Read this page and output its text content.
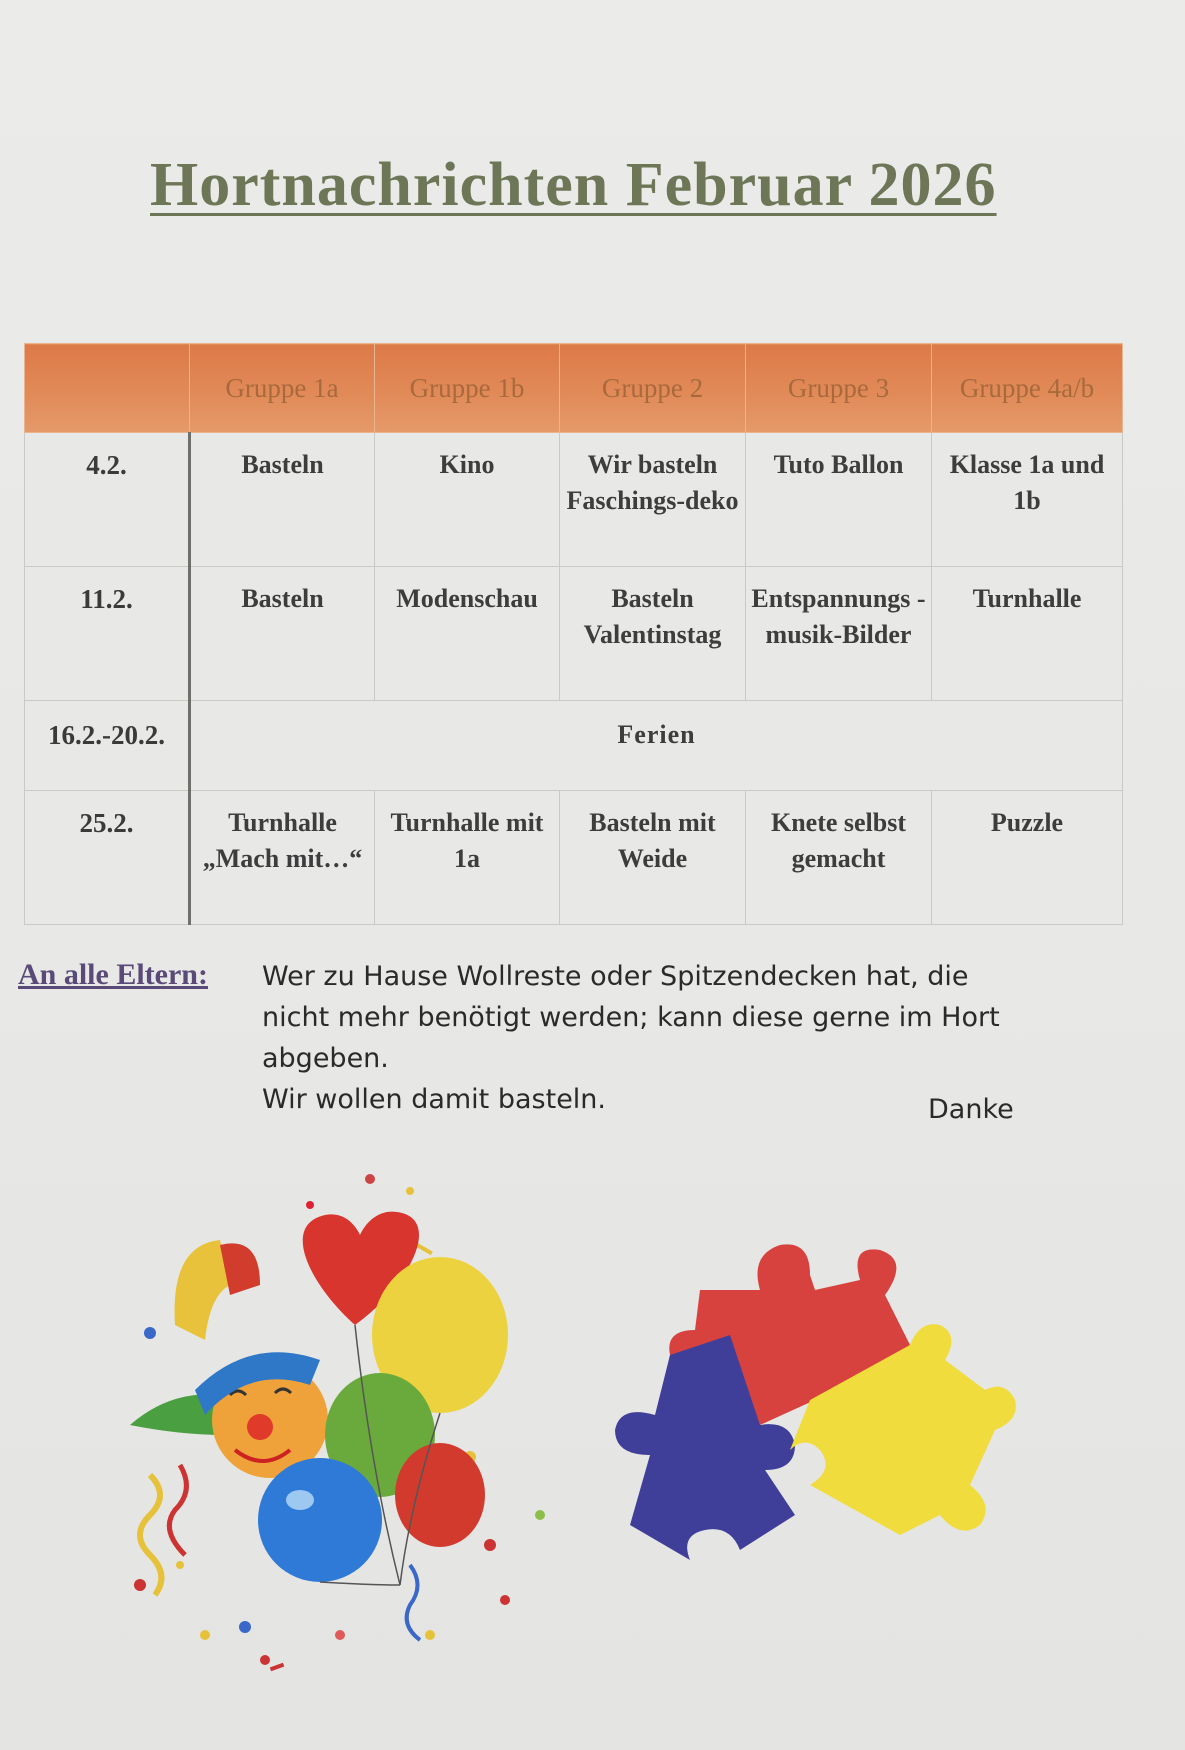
Hortnachrichten Februar 2026
	Gruppe 1a	Gruppe 1b	Gruppe 2	Gruppe 3	Gruppe 4a/b
4.2.	Basteln	Kino	Wir basteln Faschings-deko	Tuto Ballon	Klasse 1a und 1b
11.2.	Basteln	Modenschau	Basteln Valentinstag	Entspannungs -musik-Bilder	Turnhalle
16.2.-20.2.	Ferien				
25.2.	Turnhalle „Mach mit…“	Turnhalle mit 1a	Basteln mit Weide	Knete selbst gemacht	Puzzle
An alle Eltern: Wer zu Hause Wollreste oder Spitzendecken hat, die
nicht mehr benötigt werden; kann diese gerne im Hort
abgeben.
Wir wollen damit basteln.	Danke
